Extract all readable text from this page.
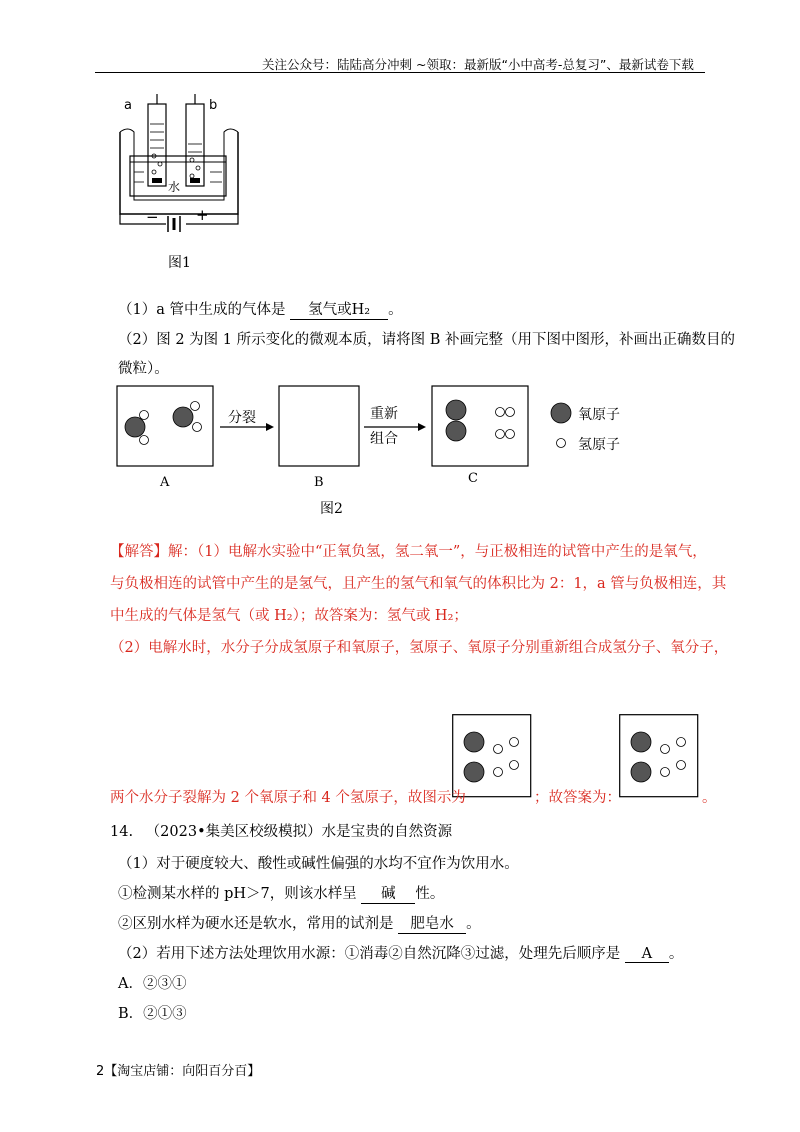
关注公众号：陆陆高分冲刺 ~领取：最新版“小中高考-总复习”、最新试卷下载
a	b
水
− +
图1
（1）a 管中生成的气体是 氢气或H₂ 。
（2）图 2 为图 1 所示变化的微观本质，请将图 B 补画完整（用下图中图形，补画出正确数目的
微粒）。
分裂	重新
组合
氧原子
氢原子
A	B	C
图2
【解答】解：（1）电解水实验中“正氧负氢，氢二氧一”，与正极相连的试管中产生的是氧气，
与负极相连的试管中产生的是氢气，且产生的氢气和氧气的体积比为 2：1，a 管与负极相连，其
中生成的气体是氢气（或 H₂）；故答案为：氢气或 H₂；
（2）电解水时，水分子分成氢原子和氧原子，氢原子、氧原子分别重新组合成氢分子、氧分子，
两个水分子裂解为 2 个氧原子和 4 个氢原子，故图示为	；故答案为：	。
14. （2023•集美区校级模拟）水是宝贵的自然资源
（1）对于硬度较大、酸性或碱性偏强的水均不宜作为饮用水。
①检测某水样的 pH＞7，则该水样呈 碱 性。
②区别水样为硬水还是软水，常用的试剂是 肥皂水 。
（2）若用下述方法处理饮用水源：①消毒②自然沉降③过滤，处理先后顺序是 A 。
A．②③①
B．②①③
2【淘宝店铺：向阳百分百】
